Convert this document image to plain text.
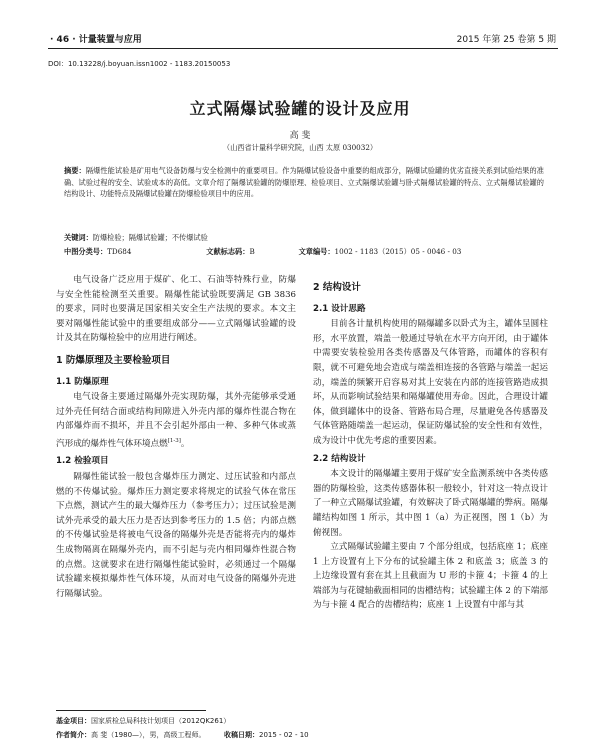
· 46 · 计量装置与应用	2015 年第 25 卷第 5 期
DOI：10.13228/j.boyuan.issn1002 - 1183.20150053
立式隔爆试验罐的设计及应用
高 斐
（山西省计量科学研究院，山西 太原 030032）
摘要：隔爆性能试验是矿用电气设备防爆与安全检测中的重要项目。作为隔爆试验设备中重要的组成部分，隔爆试验罐的优劣直接关系到试验结果的准确、试验过程的安全、试验成本的高低。文章介绍了隔爆试验罐的防爆原理、检验项目、立式隔爆试验罐与卧式隔爆试验罐的特点、立式隔爆试验罐的结构设计、功能特点及隔爆试验罐在防爆检验项目中的应用。
关键词：防爆检验；隔爆试验罐；不传爆试验
中图分类号：TD684	文献标志码：B	文章编号：1002 - 1183（2015）05 - 0046 - 03

电气设备广泛应用于煤矿、化工、石油等特殊行业，防爆与安全性能检测至关重要。隔爆性能试验既要满足 GB 3836 的要求，同时也要满足国家相关安全生产法规的要求。本文主要对隔爆性能试验中的重要组成部分——立式隔爆试验罐的设计及其在防爆检验中的应用进行阐述。

1 防爆原理及主要检验项目
1.1 防爆原理

电气设备主要通过隔爆外壳实现防爆，其外壳能够承受通过外壳任何结合面或结构间隙进入外壳内部的爆炸性混合物在内部爆炸而不损坏，并且不会引起外部由一种、多种气体或蒸汽形成的爆炸性气体环境点燃[1-3]。

1.2 检验项目

隔爆性能试验一般包含爆炸压力测定、过压试验和内部点燃的不传爆试验。爆炸压力测定要求将规定的试验气体在常压下点燃，测试产生的最大爆炸压力（参考压力）；过压试验是测试外壳承受的最大压力是否达到参考压力的 1.5 倍；内部点燃的不传爆试验是将被电气设备的隔爆外壳是否能将壳内的爆炸生成物隔离在隔爆外壳内，而不引起与壳内相同爆炸性混合物的点燃。这就要求在进行隔爆性能试验时，必须通过一个隔爆试验罐来模拟爆炸性气体环境，从而对电气设备的隔爆外壳进行隔爆试验。

2 结构设计
2.1 设计思路

目前各计量机构使用的隔爆罐多以卧式为主，罐体呈圆柱形，水平放置，端盖一般通过导轨在水平方向开闭，由于罐体中需要安装检验用各类传感器及气体管路，而罐体的容积有限，就不可避免地会造成与端盖相连接的各管路与端盖一起运动，端盖的频繁开启容易对其上安装在内部的连接管路造成损坏，从而影响试验结果和隔爆罐使用寿命。因此，合理设计罐体，做到罐体中的设备、管路布局合理，尽量避免各传感器及气体管路随端盖一起运动，保证防爆试验的安全性和有效性，成为设计中优先考虑的重要因素。

2.2 结构设计

本文设计的隔爆罐主要用于煤矿安全监测系统中各类传感器的防爆检验，这类传感器体积一般较小，针对这一特点设计了一种立式隔爆试验罐，有效解决了卧式隔爆罐的弊病。隔爆罐结构如图 1 所示，其中图 1（a）为正视图，图 1（b）为俯视图。

立式隔爆试验罐主要由 7 个部分组成，包括底座 1；底座 1 上方设置有上下分布的试验罐主体 2 和底盖 3；底盖 3 的上边缘设置有套在其上且截面为 U 形的卡箍 4；卡箍 4 的上端部为与花键轴截面相同的齿槽结构；试验罐主体 2 的下端部为与卡箍 4 配合的齿槽结构；底座 1 上设置有中部与其

基金项目：国家质检总局科技计划项目（2012QK261）
作者简介：高 斐（1980—），男，高级工程师。	收稿日期：2015 - 02 - 10
